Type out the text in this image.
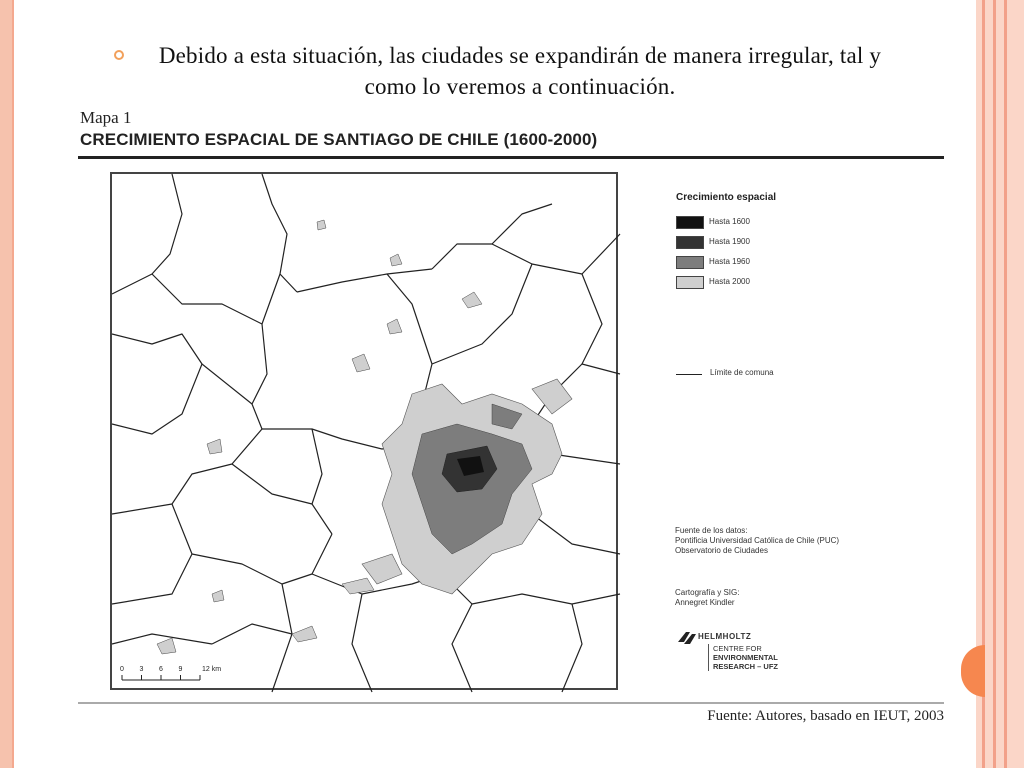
Debido a esta situación, las ciudades se expandirán de manera irregular, tal y como lo veremos a continuación.
Mapa 1
CRECIMIENTO ESPACIAL DE SANTIAGO DE CHILE (1600-2000)
Crecimiento espacial
Hasta 1600
Hasta 1900
Hasta 1960
Hasta 2000
Límite de comuna
Fuente de los datos:
Pontificia Universidad Católica de Chile (PUC)
Observatorio de Ciudades
Cartografía y SIG:
Annegret Kindler
HELMHOLTZ
CENTRE FOR
ENVIRONMENTAL
RESEARCH – UFZ
0 3 6 9	12 km
Fuente: Autores, basado en IEUT, 2003
